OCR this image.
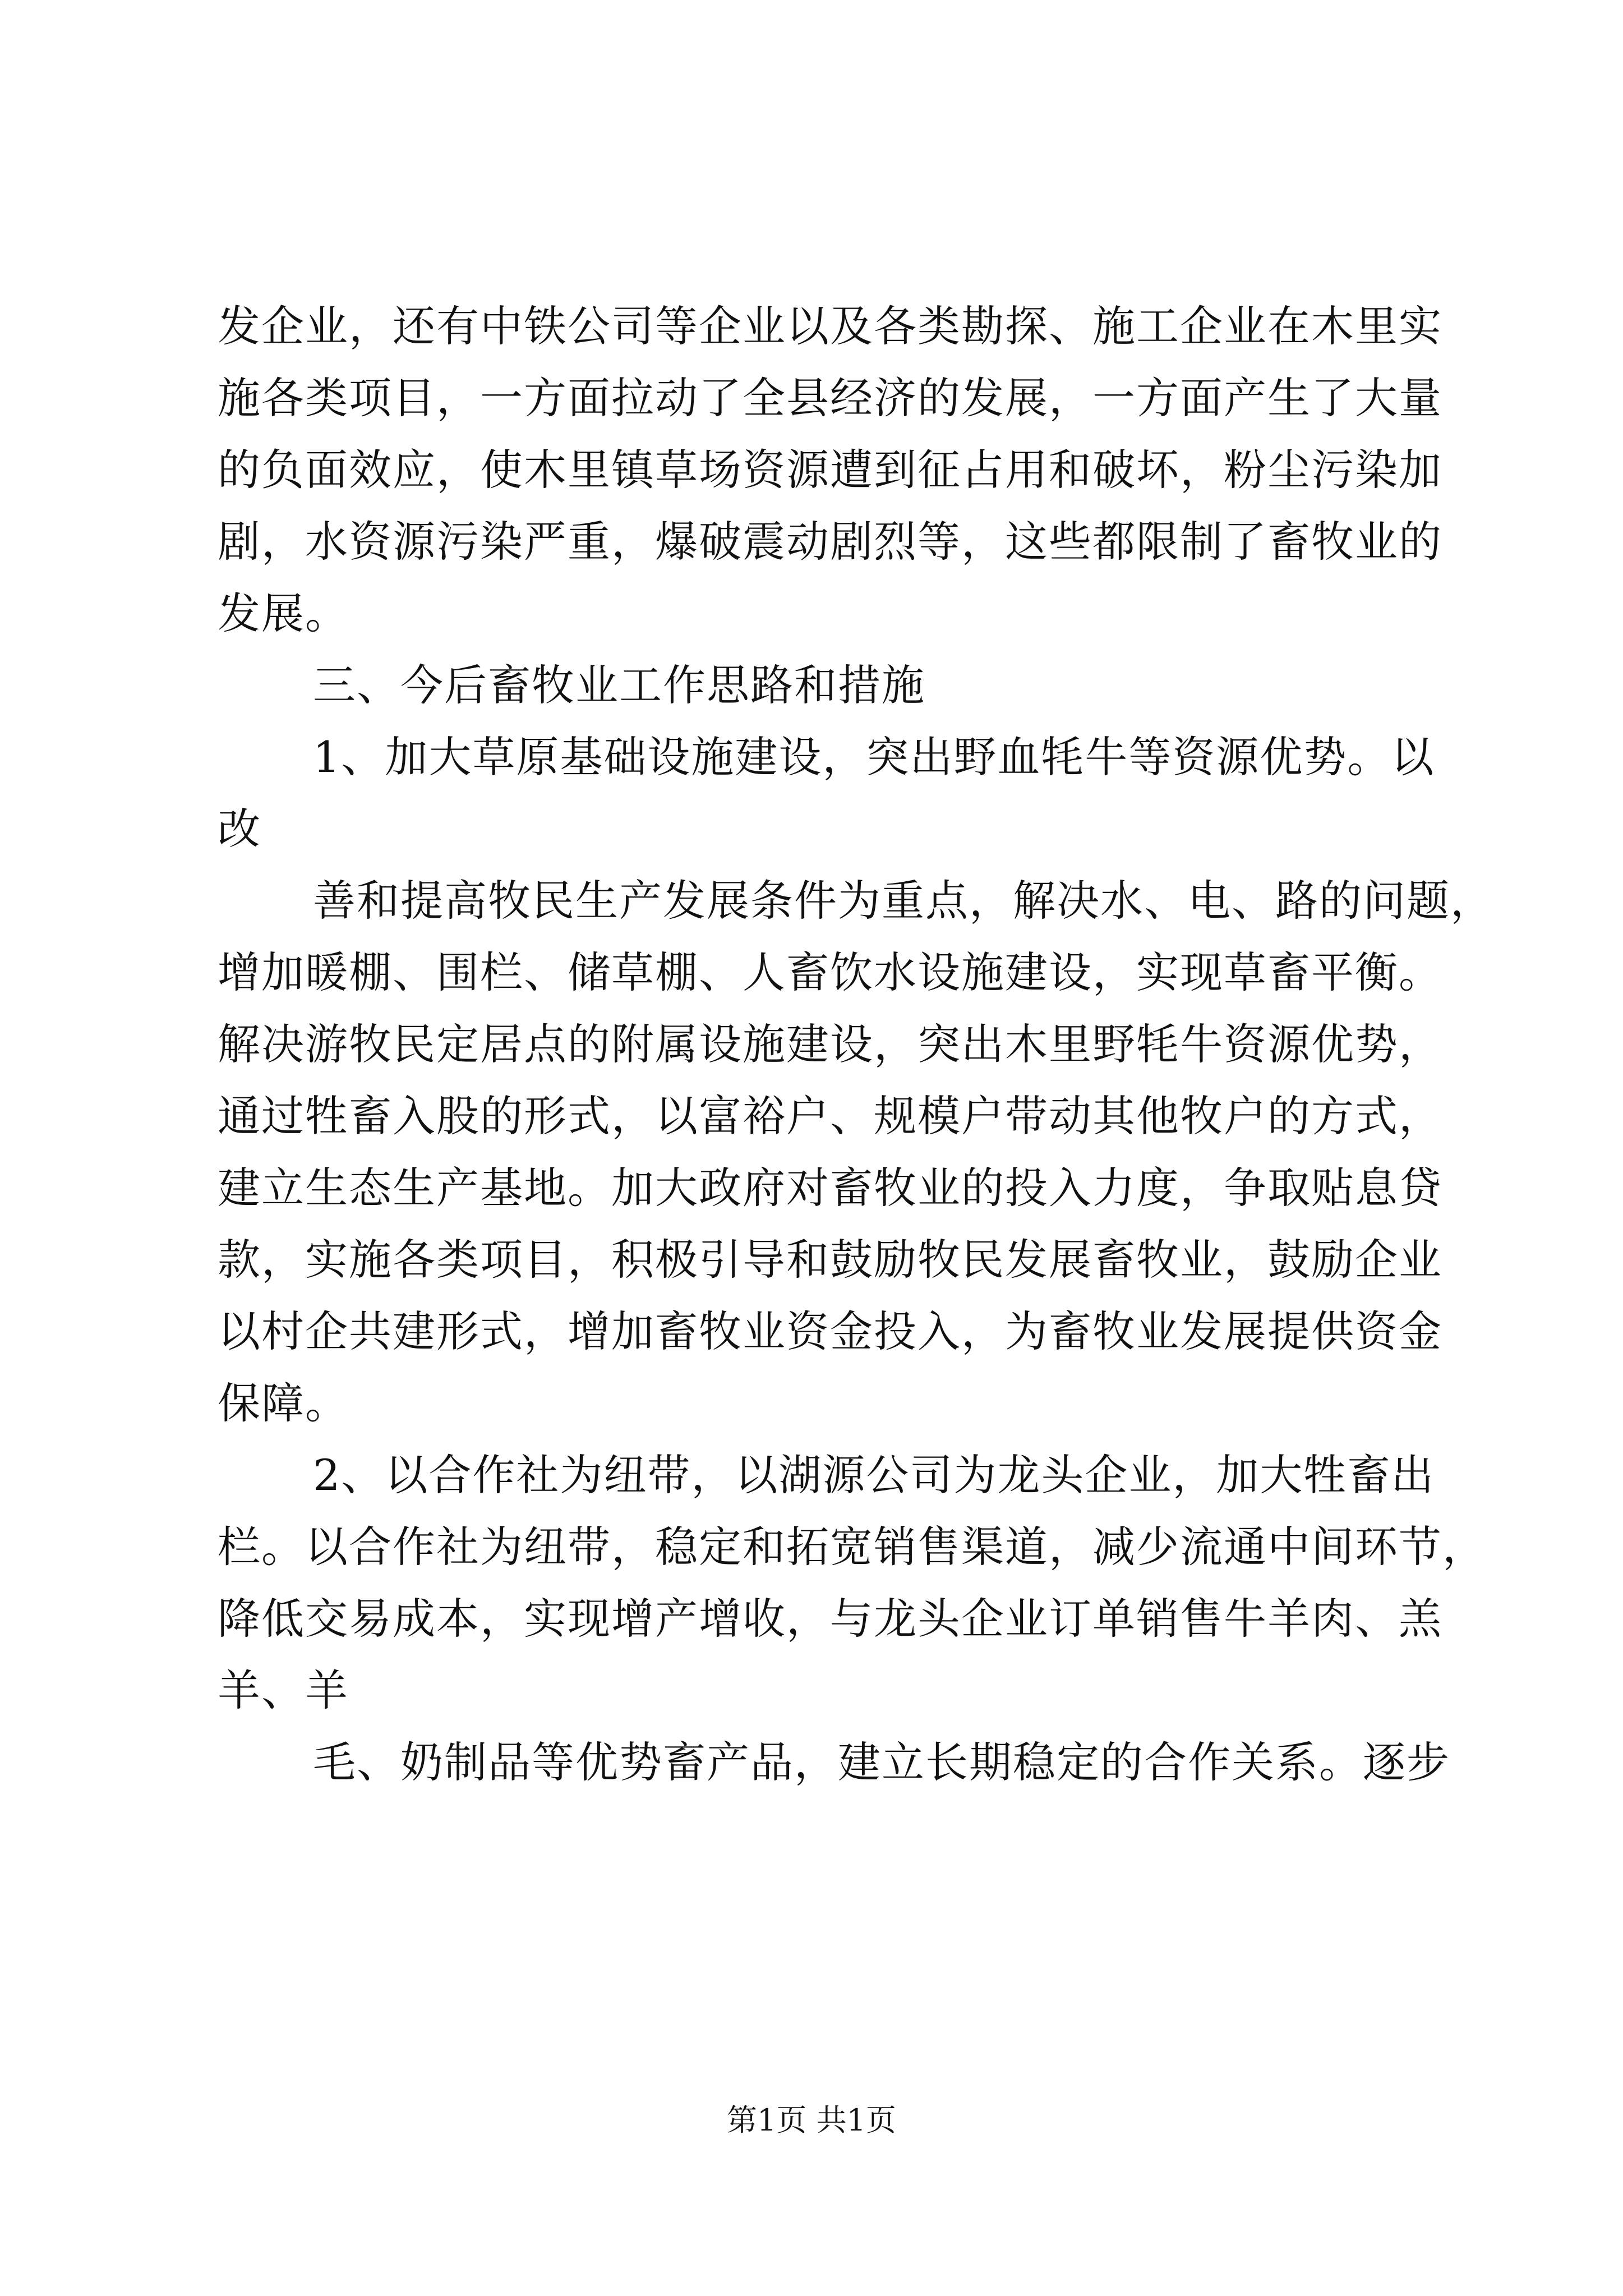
发企业，还有中铁公司等企业以及各类勘探、施工企业在木里实
施各类项目，一方面拉动了全县经济的发展，一方面产生了大量
的负面效应，使木里镇草场资源遭到征占用和破坏，粉尘污染加
剧，水资源污染严重，爆破震动剧烈等，这些都限制了畜牧业的
发展。
三、今后畜牧业工作思路和措施
1、加大草原基础设施建设，突出野血牦牛等资源优势。以
改
善和提高牧民生产发展条件为重点，解决水、电、路的问题，
增加暖棚、围栏、储草棚、人畜饮水设施建设，实现草畜平衡。
解决游牧民定居点的附属设施建设，突出木里野牦牛资源优势，
通过牲畜入股的形式，以富裕户、规模户带动其他牧户的方式，
建立生态生产基地。加大政府对畜牧业的投入力度，争取贴息贷
款，实施各类项目，积极引导和鼓励牧民发展畜牧业，鼓励企业
以村企共建形式，增加畜牧业资金投入，为畜牧业发展提供资金
保障。
2、以合作社为纽带，以湖源公司为龙头企业，加大牲畜出
栏。以合作社为纽带，稳定和拓宽销售渠道，减少流通中间环节，
降低交易成本，实现增产增收，与龙头企业订单销售牛羊肉、羔
羊、羊
毛、奶制品等优势畜产品，建立长期稳定的合作关系。逐步
第1页 共1页
